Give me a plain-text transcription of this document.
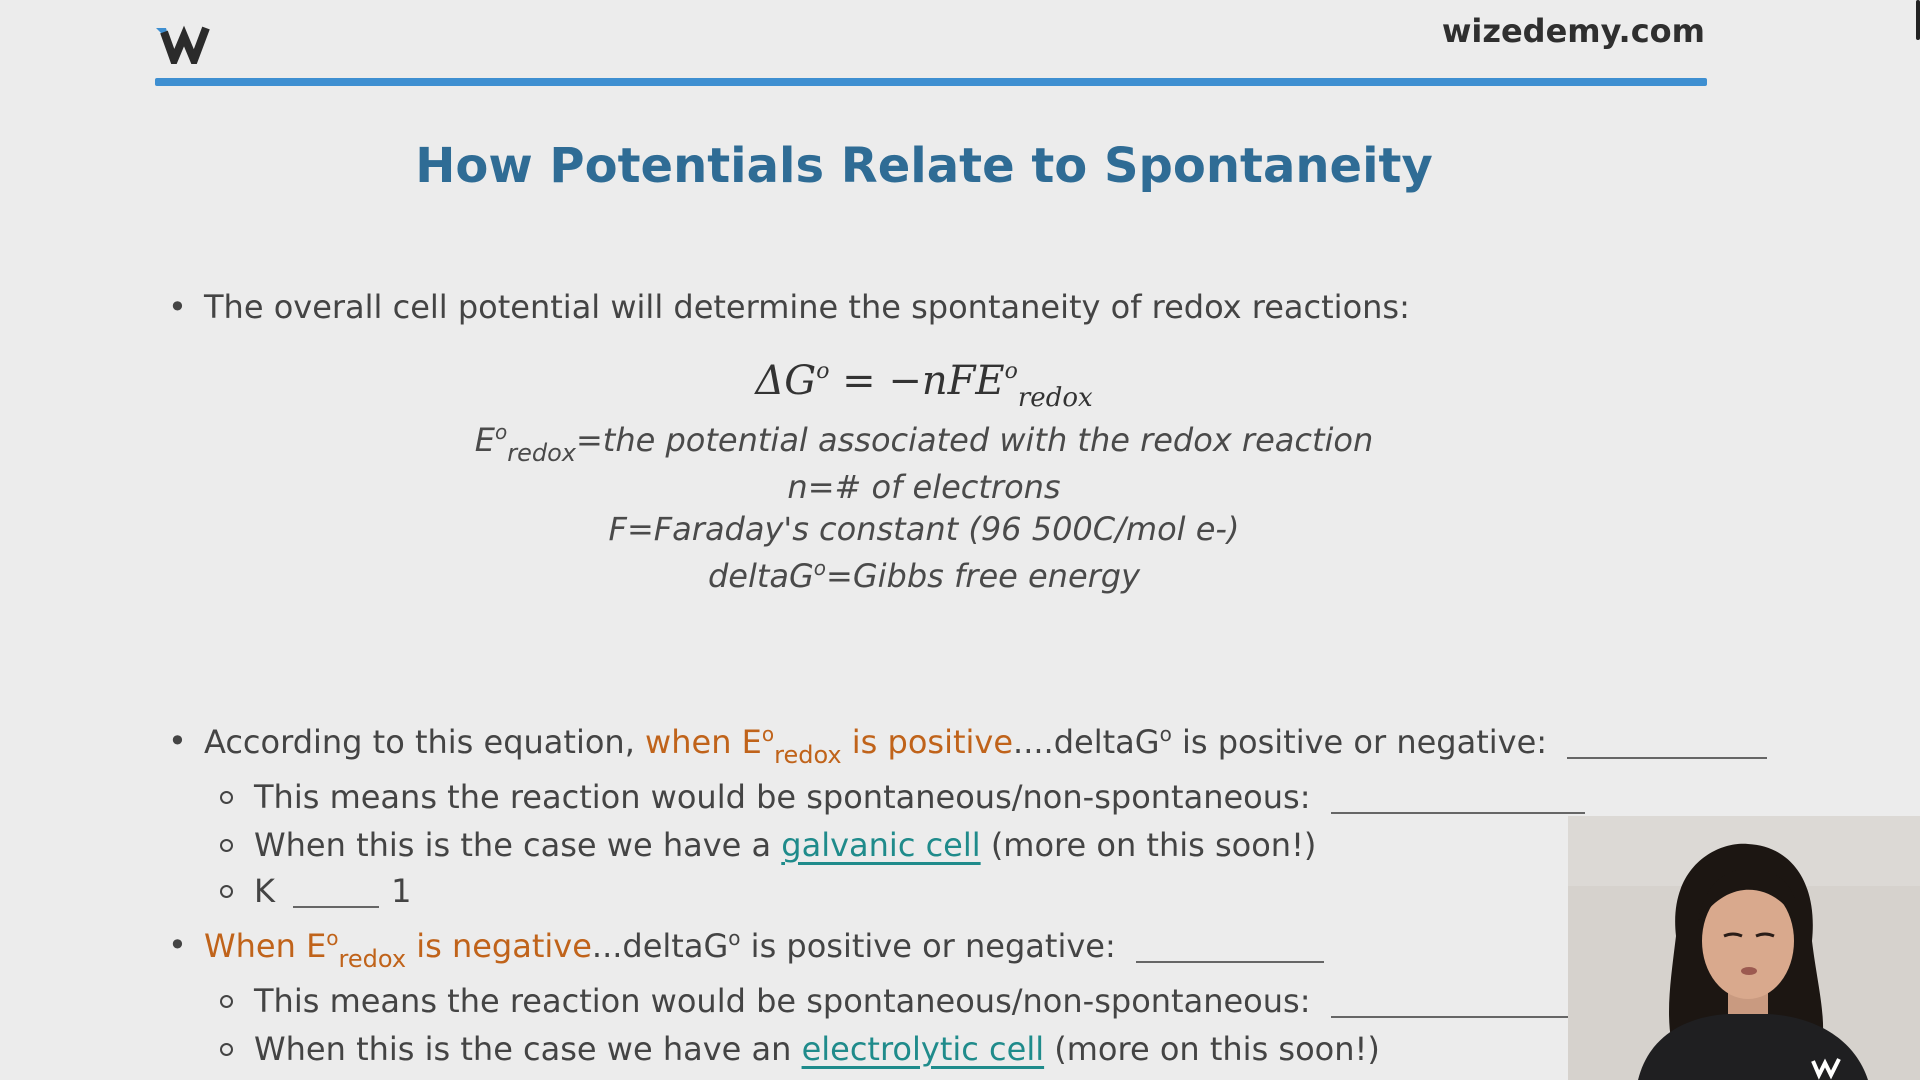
wizedemy.com
How Potentials Relate to Spontaneity
• The overall cell potential will determine the spontaneity of redox reactions:
$\Delta G^o = -nFE^o_{redox}$
$E^o_{redox}=the$ potential associated with the redox reaction
n=# of electrons
F=Faraday's constant (96 500C/mol e-)
deltaG$^o$=Gibbs free energy
• According to this equation, when $E^o_{redox}$ is positive....deltaG$^o$ is positive or negative:
This means the reaction would be spontaneous/non-spontaneous:
When this is the case we have a galvanic cell (more on this soon!)
K	1
• When $E^o_{redox}$ is negative...deltaG$^o$ is positive or negative:
This means the reaction would be spontaneous/non-spontaneous:
When this is the case we have an electrolytic cell (more on this soon!)
